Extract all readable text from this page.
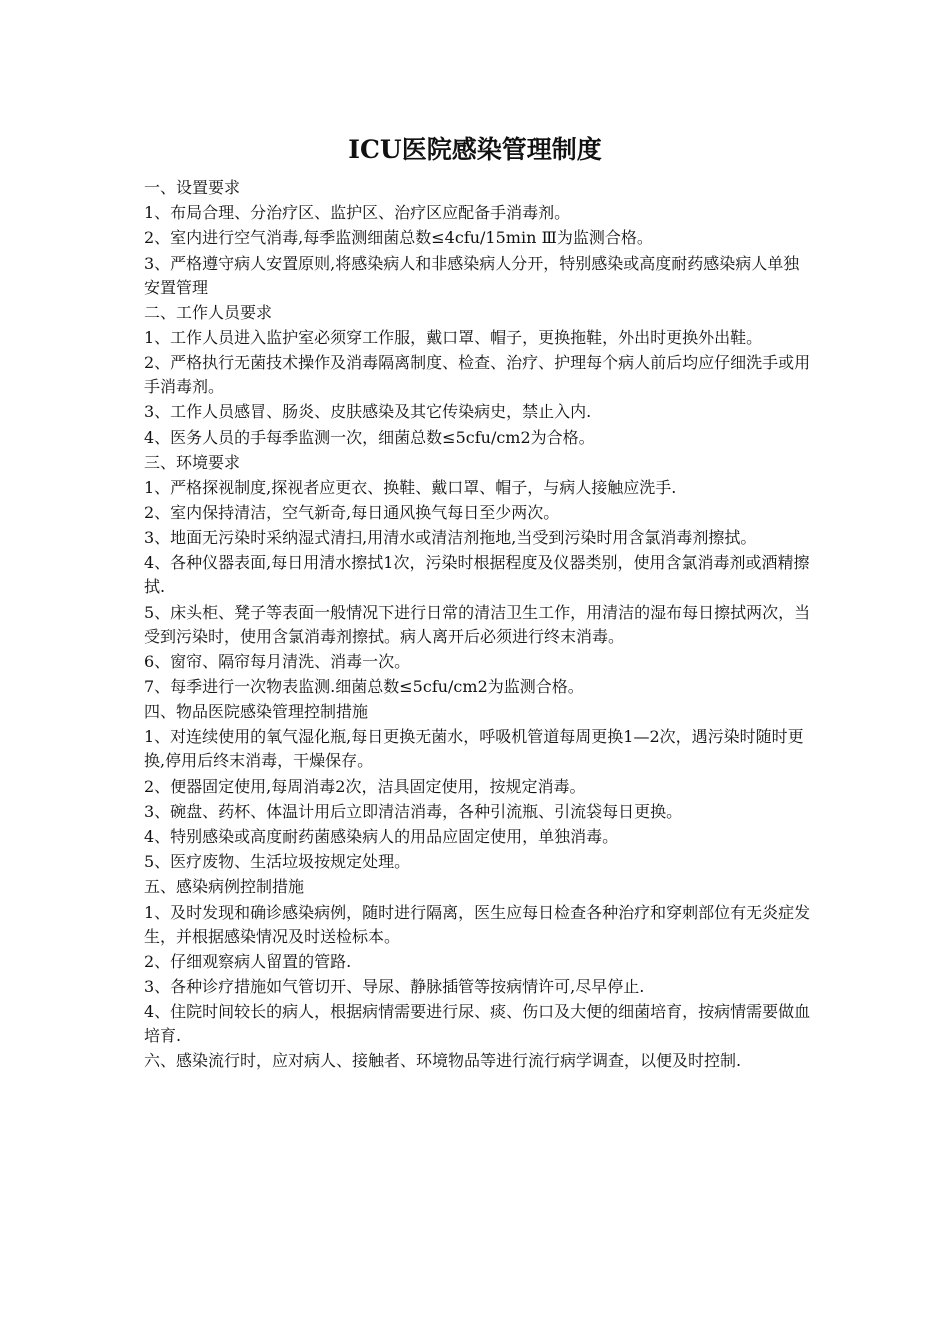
ICU医院感染管理制度

一、设置要求

1、布局合理、分治疗区、监护区、治疗区应配备手消毒剂。

2、室内进行空气消毒,每季监测细菌总数≤4cfu/15min Ⅲ为监测合格。

3、严格遵守病人安置原则,将感染病人和非感染病人分开，特别感染或高度耐药感染病人单独安置管理

二、工作人员要求

1、工作人员进入监护室必须穿工作服，戴口罩、帽子，更换拖鞋，外出时更换外出鞋。

2、严格执行无菌技术操作及消毒隔离制度、检查、治疗、护理每个病人前后均应仔细洗手或用手消毒剂。

3、工作人员感冒、肠炎、皮肤感染及其它传染病史，禁止入内.

4、医务人员的手每季监测一次，细菌总数≤5cfu/cm2为合格。

三、环境要求

1、严格探视制度,探视者应更衣、换鞋、戴口罩、帽子，与病人接触应洗手.

2、室内保持清洁，空气新奇,每日通风换气每日至少两次。

3、地面无污染时采纳湿式清扫,用清水或清洁剂拖地,当受到污染时用含氯消毒剂擦拭。

4、各种仪器表面,每日用清水擦拭1次，污染时根据程度及仪器类别，使用含氯消毒剂或酒精擦拭.

5、床头柜、凳子等表面一般情况下进行日常的清洁卫生工作，用清洁的湿布每日擦拭两次，当受到污染时，使用含氯消毒剂擦拭。病人离开后必须进行终末消毒。

6、窗帘、隔帘每月清洗、消毒一次。

7、每季进行一次物表监测.细菌总数≤5cfu/cm2为监测合格。

四、物品医院感染管理控制措施

1、对连续使用的氧气湿化瓶,每日更换无菌水，呼吸机管道每周更换1—2次，遇污染时随时更换,停用后终末消毒，干燥保存。

2、便器固定使用,每周消毒2次，洁具固定使用，按规定消毒。

3、碗盘、药杯、体温计用后立即清洁消毒，各种引流瓶、引流袋每日更换。

4、特别感染或高度耐药菌感染病人的用品应固定使用，单独消毒。

5、医疗废物、生活垃圾按规定处理。

五、感染病例控制措施

1、及时发现和确诊感染病例，随时进行隔离，医生应每日检查各种治疗和穿刺部位有无炎症发生，并根据感染情况及时送检标本。

2、仔细观察病人留置的管路.

3、各种诊疗措施如气管切开、导尿、静脉插管等按病情许可,尽早停止.

4、住院时间较长的病人，根据病情需要进行尿、痰、伤口及大便的细菌培育，按病情需要做血培育.

六、感染流行时，应对病人、接触者、环境物品等进行流行病学调查，以便及时控制.
